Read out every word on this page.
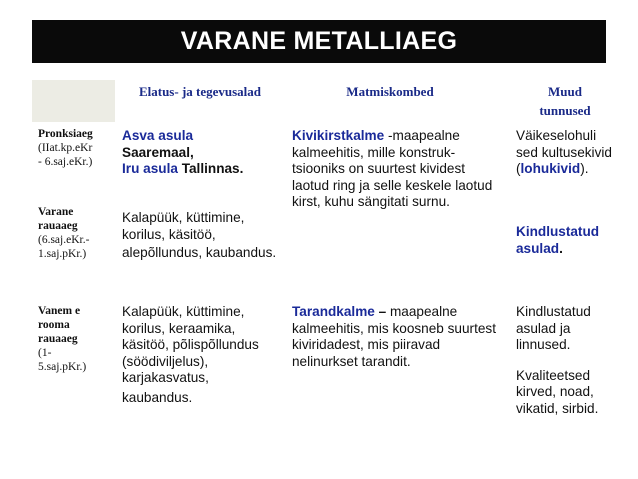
VARANE METALLIAEG
Elatus- ja tegevusalad	Matmiskombed	Muud
tunnused
Pronksiaeg
(IIat.kp.eKr
- 6.saj.eKr.)
Varane
rauaaeg
(6.saj.eKr.-
1.saj.pKr.)
Vanem e
rooma
rauaaeg
(1-
5.saj.pKr.)

Asva asula

Saaremaal,

Iru asula Tallinnas.

Kivikirstkalme -maapealne kalmeehitis, mille konstruk-tsiooniks on suurtest kividest laotud ring ja selle keskele laotud kirst, kuhu sängitati surnu.
Väikeselohuli sed kultusekivid (lohukivid).

Kalapüük, küttimine, korilus, käsitöö,

alepõllundus, kaubandus.

Kindlustatud asulad.

Kalapüük, küttimine, korilus, keraamika, käsitöö, põlispõllundus (söödiviljelus), karjakasvatus,

kaubandus.

Tarandkalme – maapealne kalmeehitis, mis koosneb suurtest kiviridadest, mis piiravad nelinurkset tarandit.

Kindlustatud asulad ja linnused.

Kvaliteetsed kirved, noad, vikatid, sirbid.
